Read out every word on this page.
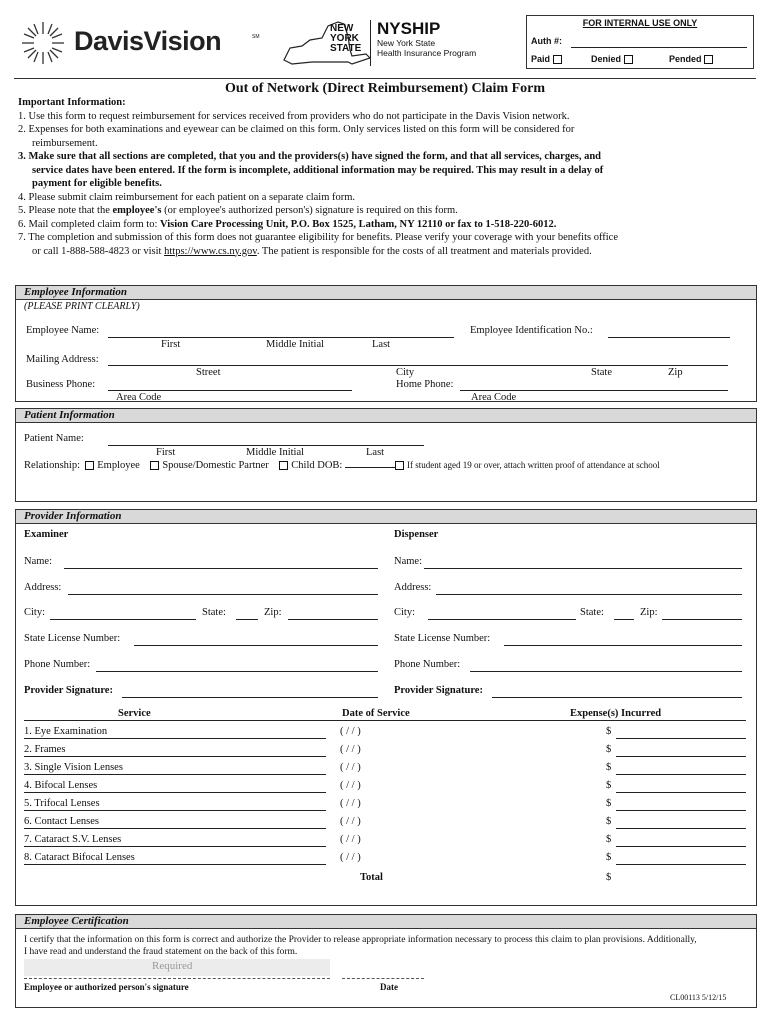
DavisVision	SM
NEW
YORK
STATE
NYSHIP
New York State
Health Insurance Program
FOR INTERNAL USE ONLY
Auth #:
Paid	Denied	Pended
Out of Network (Direct Reimbursement) Claim Form
Important Information:
1. Use this form to request reimbursement for services received from providers who do not participate in the Davis Vision network.
2. Expenses for both examinations and eyewear can be claimed on this form. Only services listed on this form will be considered for
reimbursement.
3. Make sure that all sections are completed, that you and the providers(s) have signed the form, and that all services, charges, and
service dates have been entered. If the form is incomplete, additional information may be required. This may result in a delay of
payment for eligible benefits.
4. Please submit claim reimbursement for each patient on a separate claim form.
5. Please note that the employee's (or employee's authorized person's) signature is required on this form.
6. Mail completed claim form to: Vision Care Processing Unit, P.O. Box 1525, Latham, NY 12110 or fax to 1-518-220-6012.
7. The completion and submission of this form does not guarantee eligibility for benefits. Please verify your coverage with your benefits office
or call 1-888-588-4823 or visit https://www.cs.ny.gov. The patient is responsible for the costs of all treatment and materials provided.
Employee Information
(PLEASE PRINT CLEARLY)
Employee Name:
First	Middle Initial	Last
Employee Identification No.:
Mailing Address:
Street	City	State	Zip
Business Phone:
Area Code
Home Phone:
Area Code
Patient Information
Patient Name:
First	Middle Initial	Last
Relationship: Employee Spouse/Domestic Partner Child DOB:	If student aged 19 or over, attach written proof of attendance at school
Provider Information
Examiner	Dispenser
Name:
Address:
City:	State:	Zip:
State License Number:
Phone Number:
Provider Signature:
Name:
Address:
City:	State:	Zip:
State License Number:
Phone Number:
Provider Signature:
Service	Date of Service	Expense(s) Incurred
1. Eye Examination	( / / )	$
2. Frames	( / / )	$
3. Single Vision Lenses	( / / )	$
4. Bifocal Lenses	( / / )	$
5. Trifocal Lenses	( / / )	$
6. Contact Lenses	( / / )	$
7. Cataract S.V. Lenses	( / / )	$
8. Cataract Bifocal Lenses	( / / )	$
Total	$
Employee Certification
I certify that the information on this form is correct and authorize the Provider to release appropriate information necessary to process this claim to plan provisions. Additionally,
I have read and understand the fraud statement on the back of this form.
Required
Employee or authorized person's signature	Date
CL00113 5/12/15
